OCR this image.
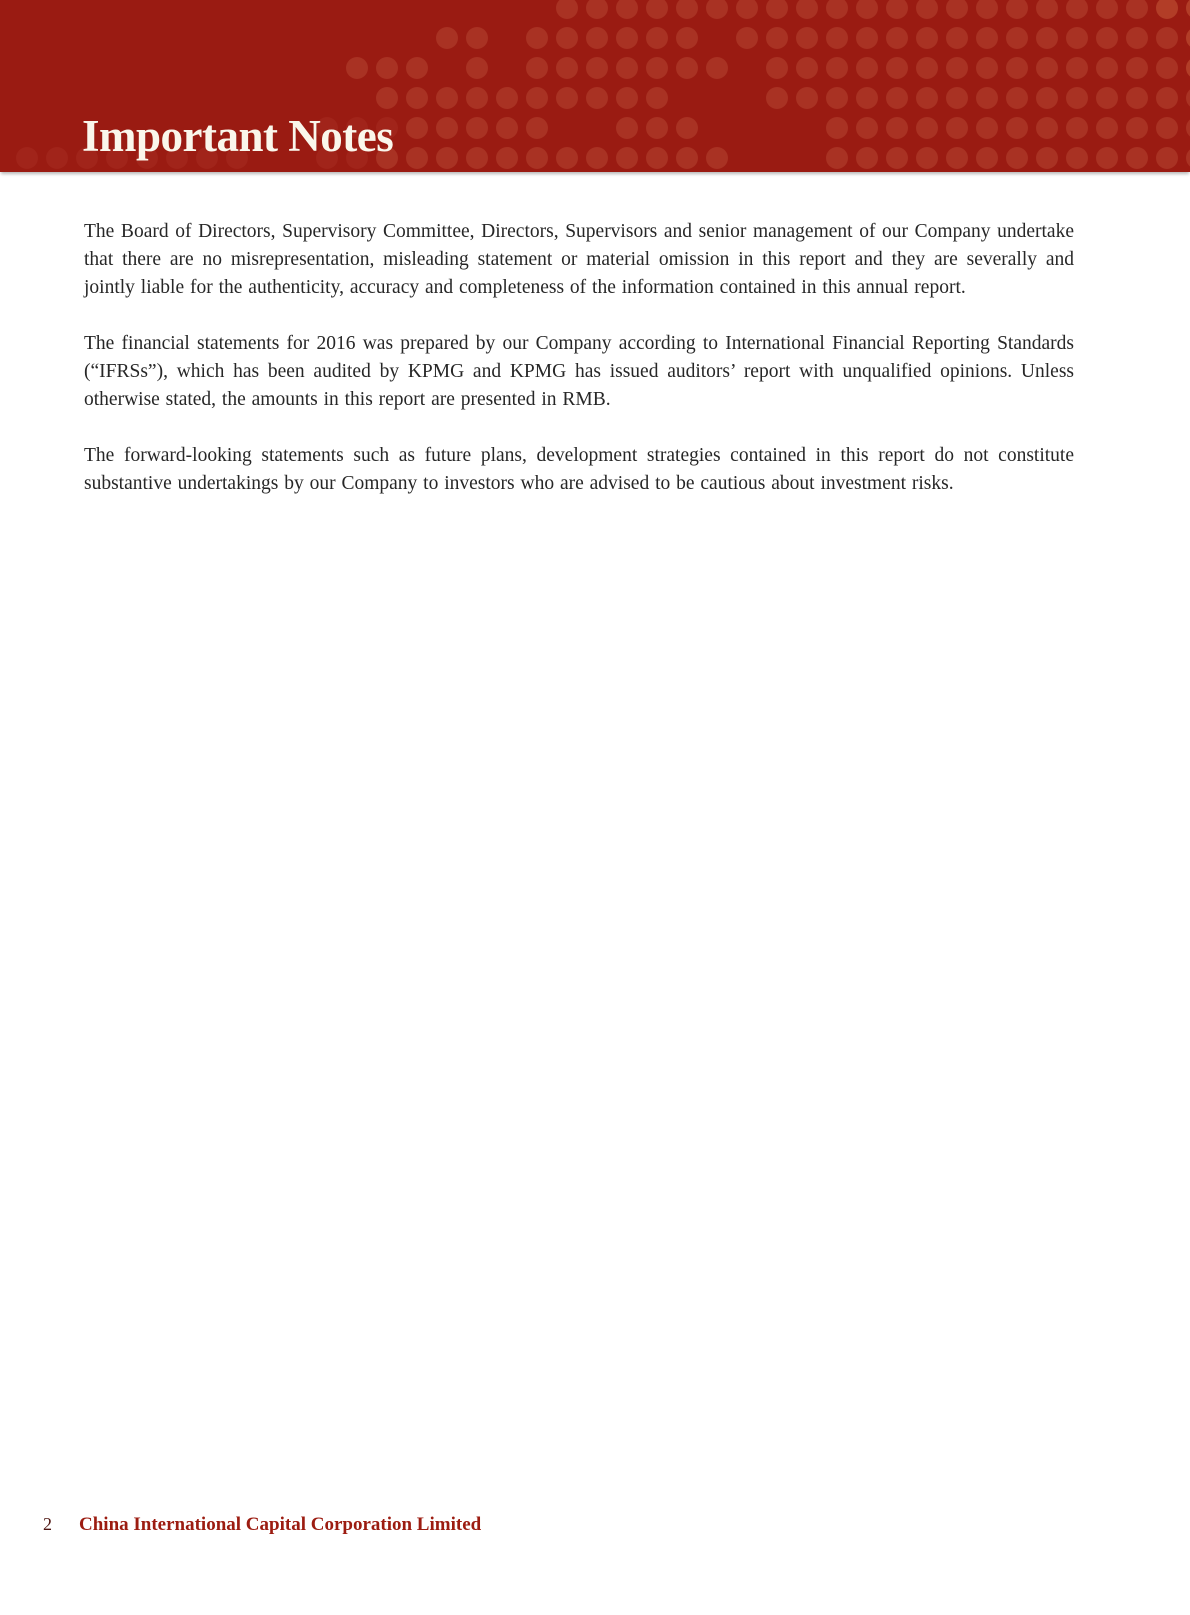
Important Notes

The Board of Directors, Supervisory Committee, Directors, Supervisors and senior management of our Company undertake that there are no misrepresentation, misleading statement or material omission in this report and they are severally and jointly liable for the authenticity, accuracy and completeness of the information contained in this annual report.

The financial statements for 2016 was prepared by our Company according to International Financial Reporting Standards (“IFRSs”), which has been audited by KPMG and KPMG has issued auditors’ report with unqualified opinions. Unless otherwise stated, the amounts in this report are presented in RMB.

The forward-looking statements such as future plans, development strategies contained in this report do not constitute substantive undertakings by our Company to investors who are advised to be cautious about investment risks.

2 China International Capital Corporation Limited
